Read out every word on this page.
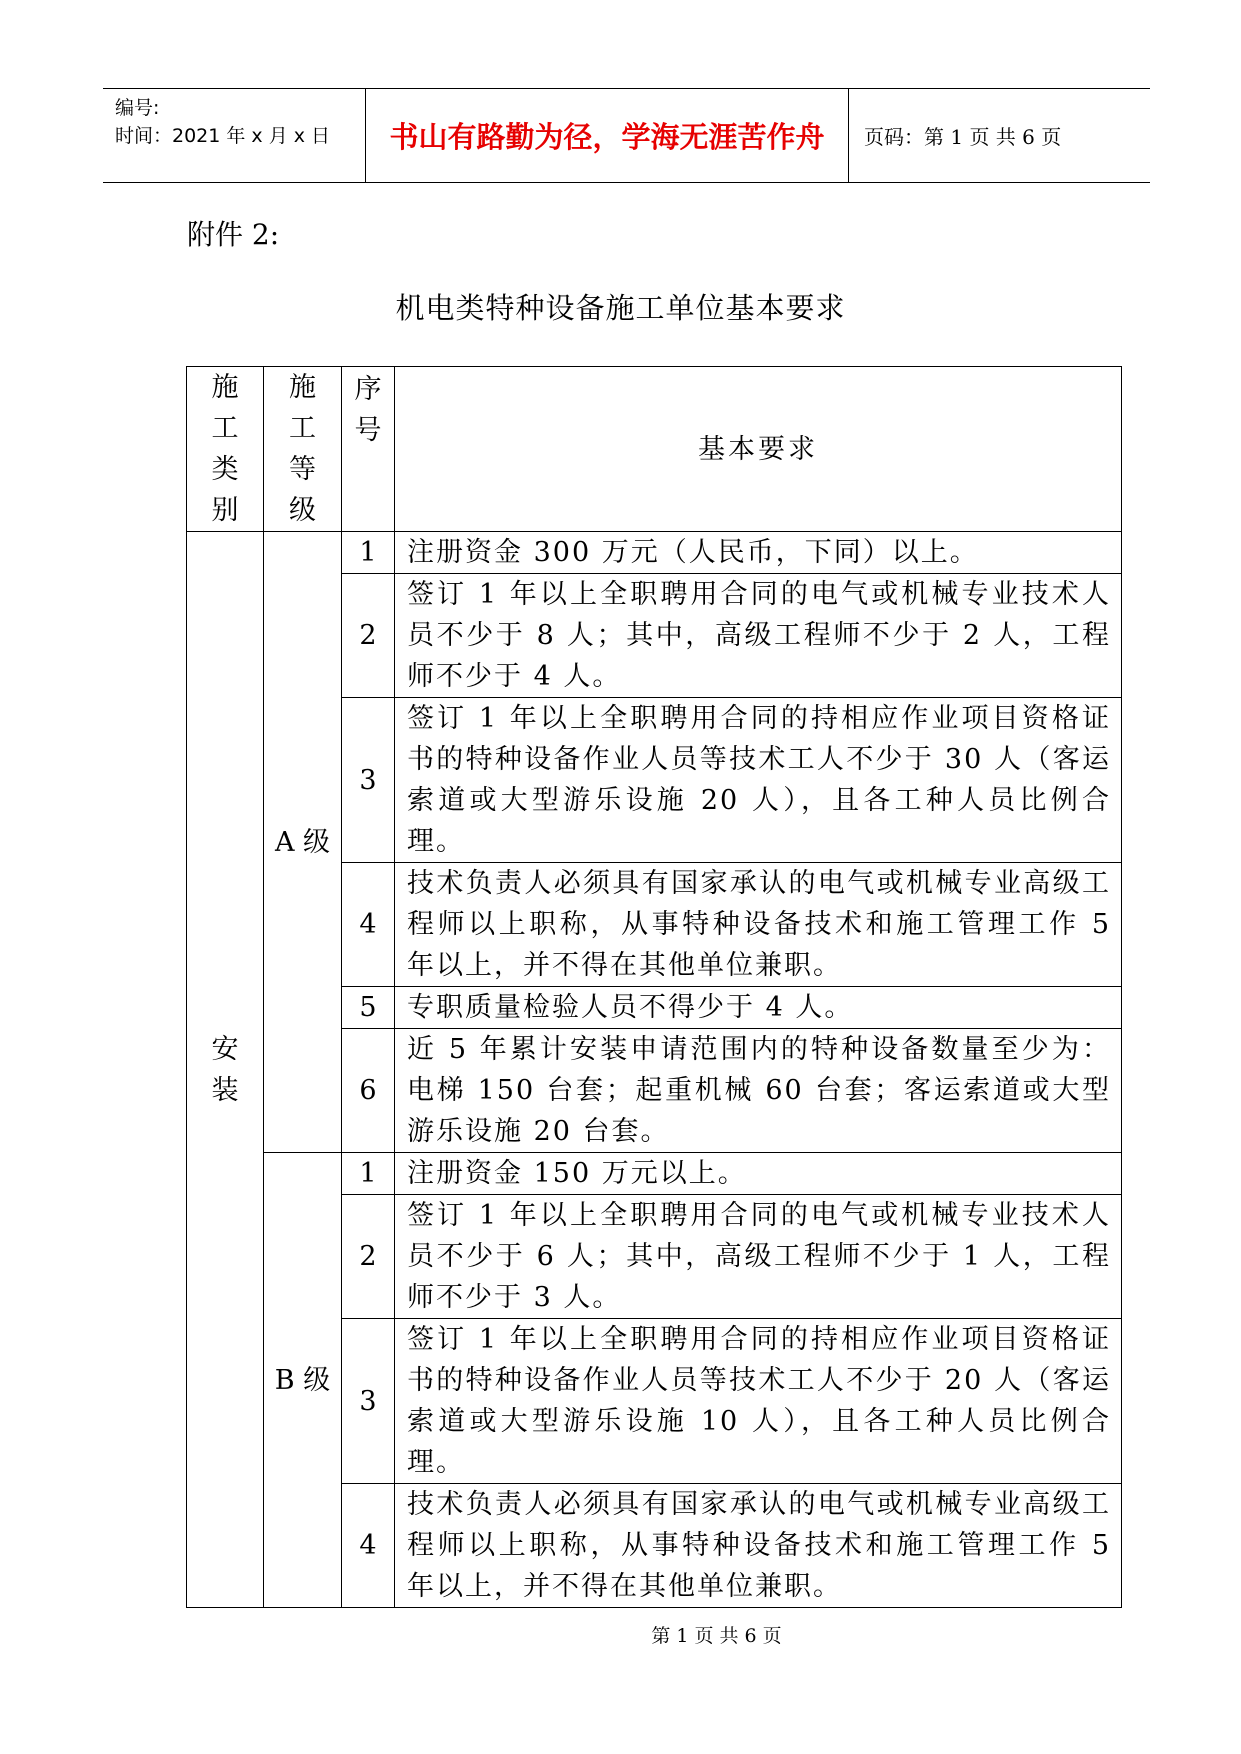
编号:
时间：2021 年 x 月 x 日	书山有路勤为径，学海无涯苦作舟	页码：第 1 页 共 6 页
附件 2:
机电类特种设备施工单位基本要求
施工类别	施工等级	序号	基本要求
安装	A 级	1	注册资金 300 万元（人民币，下同）以上。
		2	签订 1 年以上全职聘用合同的电气或机械专业技术人员不少于 8 人；其中，高级工程师不少于 2 人，工程师不少于 4 人。
		3	签订 1 年以上全职聘用合同的持相应作业项目资格证书的特种设备作业人员等技术工人不少于 30 人（客运索道或大型游乐设施 20 人），且各工种人员比例合理。
		4	技术负责人必须具有国家承认的电气或机械专业高级工程师以上职称，从事特种设备技术和施工管理工作 5 年以上，并不得在其他单位兼职。
		5	专职质量检验人员不得少于 4 人。
		6	近 5 年累计安装申请范围内的特种设备数量至少为：电梯 150 台套；起重机械 60 台套；客运索道或大型游乐设施 20 台套。
	B 级	1	注册资金 150 万元以上。
		2	签订 1 年以上全职聘用合同的电气或机械专业技术人员不少于 6 人；其中，高级工程师不少于 1 人，工程师不少于 3 人。
		3	签订 1 年以上全职聘用合同的持相应作业项目资格证书的特种设备作业人员等技术工人不少于 20 人（客运索道或大型游乐设施 10 人），且各工种人员比例合理。
		4	技术负责人必须具有国家承认的电气或机械专业高级工程师以上职称，从事特种设备技术和施工管理工作 5 年以上，并不得在其他单位兼职。
第 1 页 共 6 页
